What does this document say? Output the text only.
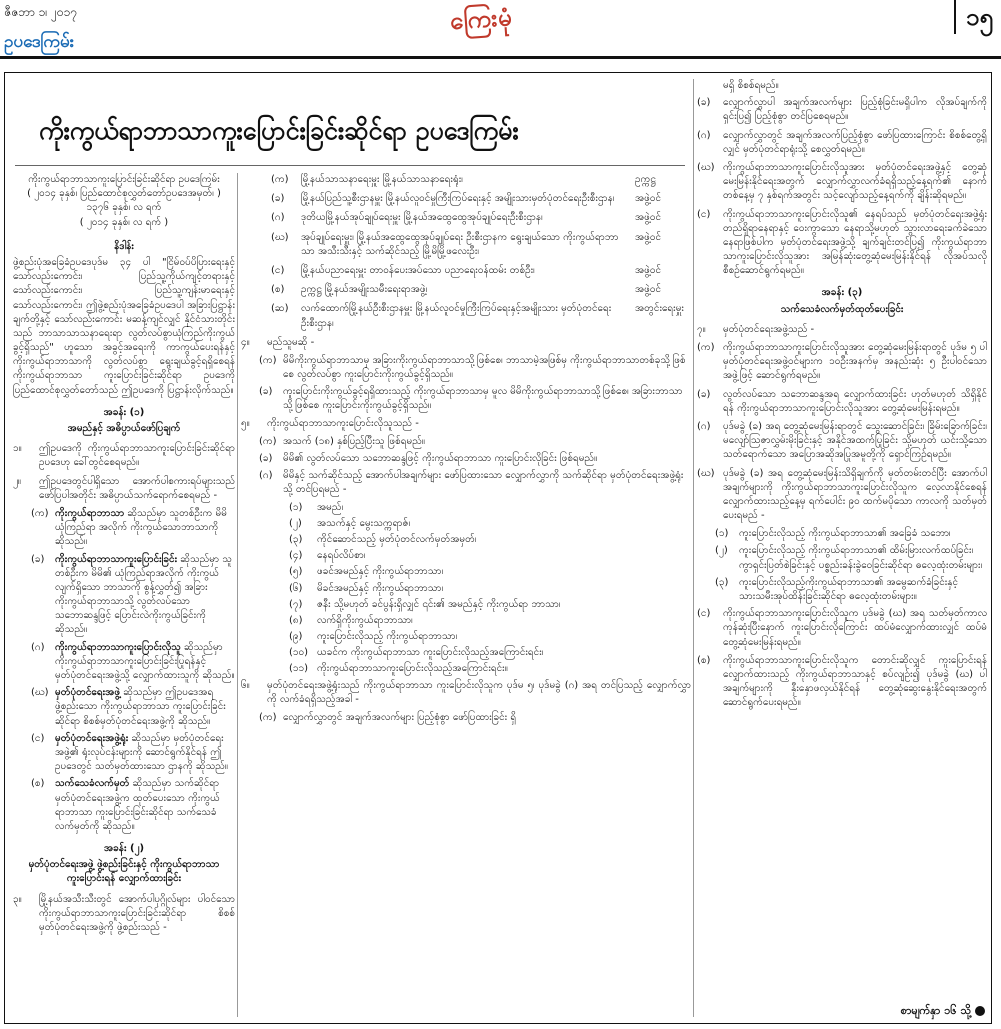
ဇီဇဘာ ၁၊ ၂၀၁၇	ကြေးမုံ	၁၅
ဥပဒေကြမ်း
ကိုးကွယ်ရာဘာသာကူးပြောင်းခြင်းဆိုင်ရာ ဥပဒေကြမ်း
ကိုးကွယ်ရာဘာသာကူးပြောင်းခြင်းဆိုင်ရာ ဥပဒေကြမ်း
( ၂၀၁၄ ခုနှစ်၊ ပြည်ထောင်စုလွှတ်တော်ဥပဒေအမှတ်၊ )
၁၃၇၆ ခုနှစ်၊ လ ရက်
( ၂၀၁၄ ခုနှစ်၊ လ ရက် )
နိဒါန်း

ဖွဲ့စည်းပုံအခြေခံဥပဒေပုဒ်မ ၃၄ ပါ "ငြိမ်ဝပ်ပိပြားရေးနှင့် သော်လည်းကောင်း၊ ပြည်သူ့ကိုယ်ကျင့်တရားနှင့် သော်လည်းကောင်း၊ ပြည်သူ့ကျန်းမာရေးနှင့် သော်လည်းကောင်း၊ ဤဖွဲ့စည်းပုံအခြေခံဥပဒေပါ အခြားပြဋ္ဌာန်းချက်တို့နှင့် သော်လည်းကောင်း မဆန့်ကျင်လျှင် နိုင်ငံသားတိုင်းသည် ဘာသာသာသနာရေးရာ လွတ်လပ်စွာယုံကြည်ကိုးကွယ်ခွင့်ရှိသည်" ဟူသော အခွင့်အရေးကို ကာကွယ်ပေးရန်နှင့် ကိုးကွယ်ရာဘာသာကို လွတ်လပ်စွာ ရွေးချယ်ခွင့်ရရှိစေရန် ကိုးကွယ်ရာဘာသာ ကူးပြောင်းခြင်းဆိုင်ရာ ဥပဒေကို ပြည်ထောင်စုလွှတ်တော်သည် ဤဥပဒေကို ပြဋ္ဌာန်းလိုက်သည်။

အခန်း (၁)
အမည်နှင့် အဓိပ္ပာယ်ဖော်ပြချက်
၁။	ဤဥပဒေကို ကိုးကွယ်ရာဘာသာကူးပြောင်းခြင်းဆိုင်ရာ ဥပဒေဟု ခေါ်တွင်စေရမည်။
၂။	ဤဥပဒေတွင်ပါရှိသော အောက်ပါစကားရပ်များသည် ဖော်ပြပါအတိုင်း အဓိပ္ပာယ်သက်ရောက်စေရမည် -
(က) ကိုးကွယ်ရာဘာသာ ဆိုသည်မှာ သူတစ်ဦးက မိမိယုံကြည်ရာ အလိုက် ကိုးကွယ်သောဘာသာကို ဆိုသည်။
(ခ)	ကိုးကွယ်ရာဘာသာကူးပြောင်းခြင်း ဆိုသည်မှာ သူတစ်ဦးက မိမိ၏ ယုံကြည်ရာအလိုက် ကိုးကွယ်လျက်ရှိသော ဘာသာကို စွန့်လွှတ်၍ အခြားကိုးကွယ်ရာဘာသာသို့ လွတ်လပ်သော သဘောဆန္ဒဖြင့် ပြောင်းလဲကိုးကွယ်ခြင်းကို ဆိုသည်။
(ဂ)	ကိုးကွယ်ရာဘာသာကူးပြောင်းလိုသူ ဆိုသည်မှာ ကိုးကွယ်ရာဘာသာကူးပြောင်းခြင်းပြုရန်နှင့် မှတ်ပုံတင်ရေးအဖွဲ့သို့ လျှောက်ထားသူကို ဆိုသည်။
(ဃ) မှတ်ပုံတင်ရေးအဖွဲ့ ဆိုသည်မှာ ဤဥပဒေအရ ဖွဲ့စည်းသော ကိုးကွယ်ရာဘာသာ ကူးပြောင်းခြင်းဆိုင်ရာ စိစစ်မှတ်ပုံတင်ရေးအဖွဲ့ကို ဆိုသည်။
(င)	မှတ်ပုံတင်ရေးအဖွဲ့ရုံး ဆိုသည်မှာ မှတ်ပုံတင်ရေးအဖွဲ့၏ ရုံးလုပ်ငန်းများကို ဆောင်ရွက်နိုင်ရန် ဤဥပဒေတွင် သတ်မှတ်ထားသော ဌာနကို ဆိုသည်။
(စ)	သက်သေခံလက်မှတ် ဆိုသည်မှာ သက်ဆိုင်ရာ မှတ်ပုံတင်ရေးအဖွဲ့က ထုတ်ပေးသော ကိုးကွယ်ရာဘာသာ ကူးပြောင်းခြင်းဆိုင်ရာ သက်သေခံလက်မှတ်ကို ဆိုသည်။
အခန်း (၂)
မှတ်ပုံတင်ရေးအဖွဲ့ ဖွဲ့စည်းခြင်းနှင့် ကိုးကွယ်ရာဘာသာကူးပြောင်းရန် လျှောက်ထားခြင်း
၃။	မြို့နယ်အသီးသီးတွင် အောက်ပါပုဂ္ဂိုလ်များ ပါဝင်သော ကိုးကွယ်ရာဘာသာကူးပြောင်းခြင်းဆိုင်ရာ စိစစ်မှတ်ပုံတင်ရေးအဖွဲ့ကို ဖွဲ့စည်းသည် -
(က)	မြို့နယ်သာသနာရေးမှူး မြို့နယ်သာသနာရေးရုံး၊	ဥက္ကဋ္ဌ
(ခ)	မြို့နယ်ပြည်သူ့စီးဌာနမှူး မြို့နယ်လူဝင်မှုကြီးကြပ်ရေးနှင့် အမျိုးသားမှတ်ပုံတင်ရေးဦးစီးဌာန၊	အဖွဲ့ဝင်
(ဂ)	ဒုတိယမြို့နယ်အုပ်ချုပ်ရေးမှူး မြို့နယ်အထွေထွေအုပ်ချုပ်ရေးဦးစီးဌာန၊	အဖွဲ့ဝင်
(ဃ)	အုပ်ချုပ်ရေးမှူး၊ မြို့နယ်အထွေထွေအုပ်ချုပ်ရေး ဦးစီးဌာနက ရွေးချယ်သော ကိုးကွယ်ရာဘာသာ အသီးသီးနှင့် သက်ဆိုင်သည့် မြို့မိမြို့ဖလေးဦး၊
အဖွဲ့ဝင်
(င)	မြို့နယ်ပညာရေးမှူး တာဝန်ပေးအပ်သော ပညာရေးဝန်ထမ်း တစ်ဦး၊	အဖွဲ့ဝင်
(စ)	ဥက္ကဋ္ဌ မြို့နယ်အမျိုးသမီးရေးရာအဖွဲ့၊	အဖွဲ့ဝင်
(ဆ)	လက်ထောက်မြို့နယ်ဦးစီးဌာနမှူး မြို့နယ်လူဝင်မှုကြီးကြပ်ရေးနှင့်အမျိုးသား မှတ်ပုံတင်ရေးဦးစီးဌာန၊
အတွင်းရေးမှူး
၄။	မည်သူမဆို -
(က) မိမိကိုးကွယ်ရာဘာသာမှ အခြားကိုးကွယ်ရာဘာသာသို့ဖြစ်စေ၊ ဘာသာမဲ့အဖြစ်မှ ကိုးကွယ်ရာဘာသာတစ်ခုသို့ဖြစ်စေ လွတ်လပ်စွာ ကူးပြောင်းကိုးကွယ်ခွင့်ရှိသည်။
(ခ)	ကူးပြောင်းကိုးကွယ်ခွင့်ရရှိထားသည့် ကိုးကွယ်ရာဘာသာမှ မူလ မိမိကိုးကွယ်ရာဘာသာသို့ဖြစ်စေ၊ အခြားဘာသာသို့ဖြစ်စေ ကူးပြောင်းကိုးကွယ်ခွင့်ရှိသည်။
၅။	ကိုးကွယ်ရာဘာသာကူးပြောင်းလိုသူသည် -
(က) အသက် (၁၈) နှစ်ပြည့်ပြီးသူ ဖြစ်ရမည်။
(ခ)	မိမိ၏ လွတ်လပ်သော သဘောဆန္ဒဖြင့် ကိုးကွယ်ရာဘာသာ ကူးပြောင်းလိုခြင်း ဖြစ်ရမည်။
(ဂ)	မိမိနှင့် သက်ဆိုင်သည့် အောက်ပါအချက်များ ဖော်ပြထားသော လျှောက်လွှာကို သက်ဆိုင်ရာ မှတ်ပုံတင်ရေးအဖွဲ့ရုံးသို့ တင်ပြရမည် -
(၁)	အမည်၊
(၂)	အသက်နှင့် မွေးသက္ကရာဇ်၊
(၃)	ကိုင်ဆောင်သည့် မှတ်ပုံတင်လက်မှတ်အမှတ်၊
(၄)	နေရပ်လိပ်စာ၊
(၅)	ဖခင်အမည်နှင့် ကိုးကွယ်ရာဘာသာ၊
(၆)	မိခင်အမည်နှင့် ကိုးကွယ်ရာဘာသာ၊
(၇)	ဇနီး သို့မဟုတ် ခင်ပွန်းရှိလျှင် ၎င်း၏ အမည်နှင့် ကိုးကွယ်ရာ ဘာသာ၊
(၈)	လက်ရှိကိုးကွယ်ရာဘာသာ၊
(၉)	ကူးပြောင်းလိုသည့် ကိုးကွယ်ရာဘာသာ၊
(၁၀) ယခင်က ကိုးကွယ်ရာဘာသာ ကူးပြောင်းလိုသည့်အကြောင်းရင်း၊
(၁၁) ကိုးကွယ်ရာဘာသာကူးပြောင်းလိုသည့်အကြောင်းရင်း။
၆။	မှတ်ပုံတင်ရေးအဖွဲ့ရုံးသည် ကိုးကွယ်ရာဘာသာ ကူးပြောင်းလိုသူက ပုဒ်မ ၅၊ ပုဒ်မခွဲ (ဂ) အရ တင်ပြသည့် လျှောက်လွှာကို လက်ခံရရှိသည့်အခါ -
(က) လျှောက်လွှာတွင် အချက်အလက်များ ပြည့်စုံစွာ ဖော်ပြထားခြင်း ရှိ

မရှိ စိစစ်ရမည်။

(ခ)	လျှောက်လွှာပါ အချက်အလက်များ ပြည့်စုံခြင်းမရှိပါက လိုအပ်ချက်ကို ရှင်းပြ၍ ပြည့်စုံစွာ တင်ပြစေရမည်။
(ဂ)	လျှောက်လွှာတွင် အချက်အလက်ပြည့်စုံစွာ ဖော်ပြထားကြောင်း စိစစ်တွေ့ရှိလျှင် မှတ်ပုံတင်ရာရုံးသို့ စေလွှတ်ရမည်။
(ဃ) ကိုးကွယ်ရာဘာသာကူးပြောင်းလိုသူအား မှတ်ပုံတင်ရေးအဖွဲ့နှင့် တွေ့ဆုံမေးမြန်းနိုင်ရေးအတွက် လျှောက်လွှာလက်ခံရရှိသည့်နေ့ရက်၏ နောက်တစ်နေ့မှ ၇ နှစ်ရက်အတွင်း သင့်လျော်သည့်နေ့ရက်ကို ချိန်းဆိုရမည်။
(င)	ကိုးကွယ်ရာဘာသာကူးပြောင်းလိုသူ၏ နေရပ်သည် မှတ်ပုံတင်ရေးအဖွဲ့ရုံး တည်ရှိရာနေရာနှင့် ဝေးကွာသော နေရာသို့မဟုတ် သွားလာရေးခက်ခဲသော နေရာဖြစ်ပါက မှတ်ပုံတင်ရေးအဖွဲ့သို့ ချက်ချင်းတင်ပြ၍ ကိုးကွယ်ရာဘာသာကူးပြောင်းလိုသူအား အမြန်ဆုံးတွေ့ဆုံမေးမြန်းနိုင်ရန် လိုအပ်သလို စီစဉ်ဆောင်ရွက်ရမည်။
အခန်း (၃)
သက်သေခံလက်မှတ်ထုတ်ပေးခြင်း
၇။	မှတ်ပုံတင်ရေးအဖွဲ့သည် -
(က) ကိုးကွယ်ရာဘာသာကူးပြောင်းလိုသူအား တွေ့ဆုံမေးမြန်းရာတွင် ပုဒ်မ ၅ ပါ မှတ်ပုံတင်ရေးအဖွဲ့ဝင်များက ၁၀ဦးအနက်မှ အနည်းဆုံး ၅ ဦးပါဝင်သော အဖွဲ့ဖြင့် ဆောင်ရွက်ရမည်။
(ခ)	လွတ်လပ်သော သဘောဆန္ဒအရ လျှောက်ထားခြင်း ဟုတ်မဟုတ် သိရှိနိုင်ရန် ကိုးကွယ်ရာဘာသာကူးပြောင်းလိုသူအား တွေ့ဆုံမေးမြန်းရမည်။
(ဂ)	ပုဒ်မခွဲ (ခ) အရ တွေ့ဆုံမေးမြန်းရာတွင် သွေးဆောင်ခြင်း၊ ခြိမ်းခြောက်ခြင်း၊ မလျော်သြဇာလွှမ်းမိုးခြင်းနှင့် အနိုင်အထက်ပြုခြင်း သို့မဟုတ် ယင်းသို့သောသတ်ရောက်သော အပြောအဆိုအပြုအမူတို့ကို ရှောင်ကြဉ်ရမည်။
(ဃ) ပုဒ်မခွဲ (ခ) အရ တွေ့ဆုံမေးမြန်းသိရှိချက်ကို မှတ်တမ်းတင်ပြီး အောက်ပါအချက်များကို ကိုးကွယ်ရာဘာသာကူးပြောင်းလိုသူက လေ့လာနိုင်စေရန် လျှောက်ထားသည့်နေ့မှ ရက်ပေါင်း ၉၀ ထက်မပိုသော ကာလကို သတ်မှတ်ပေးရမည် -
(၁)	ကူးပြောင်းလိုသည့် ကိုးကွယ်ရာဘာသာ၏ အခြေခံ သဘော၊
(၂)	ကူးပြောင်းလိုသည့် ကိုးကွယ်ရာဘာသာ၏ ထိမ်းမြားလက်ထပ်ခြင်း၊ ကွာရှင်းပြတ်စဲခြင်းနှင့် ပစ္စည်းခန်းခွဲဝေခြင်းဆိုင်ရာ ဓလေ့ထုံးတမ်းများ၊
(၃)	ကူးပြောင်းလိုသည့်ကိုးကွယ်ရာဘာသာ၏ အမွေဆက်ခံခြင်းနှင့် သားသမီးအုပ်ထိန်းခြင်းဆိုင်ရာ ဓလေ့ထုံးတမ်းများ။
(င)	ကိုးကွယ်ရာဘာသာကူးပြောင်းလိုသူက ပုဒ်မခွဲ (ဃ) အရ သတ်မှတ်ကာလကုန်ဆုံးပြီးနောက် ကူးပြောင်းလိုကြောင်း ထပ်မံလျှောက်ထားလျှင် ထပ်မံတွေ့ဆုံမေးမြန်းရမည်။
(စ)	ကိုးကွယ်ရာဘာသာကူးပြောင်းလိုသူက တောင်းဆိုလျှင် ကူးပြောင်းရန် လျှောက်ထားသည့် ကိုးကွယ်ရာဘာသာနှင့် စပ်လျဉ်း၍ ပုဒ်မခွဲ (ဃ) ပါ အချက်များကို နှီးနှောဖလှယ်နိုင်ရန် တွေ့ဆုံဆွေးနွေးနိုင်ရေးအတွက် ဆောင်ရွက်ပေးရမည်။
စာမျက်နှာ ၁၆ သို့
